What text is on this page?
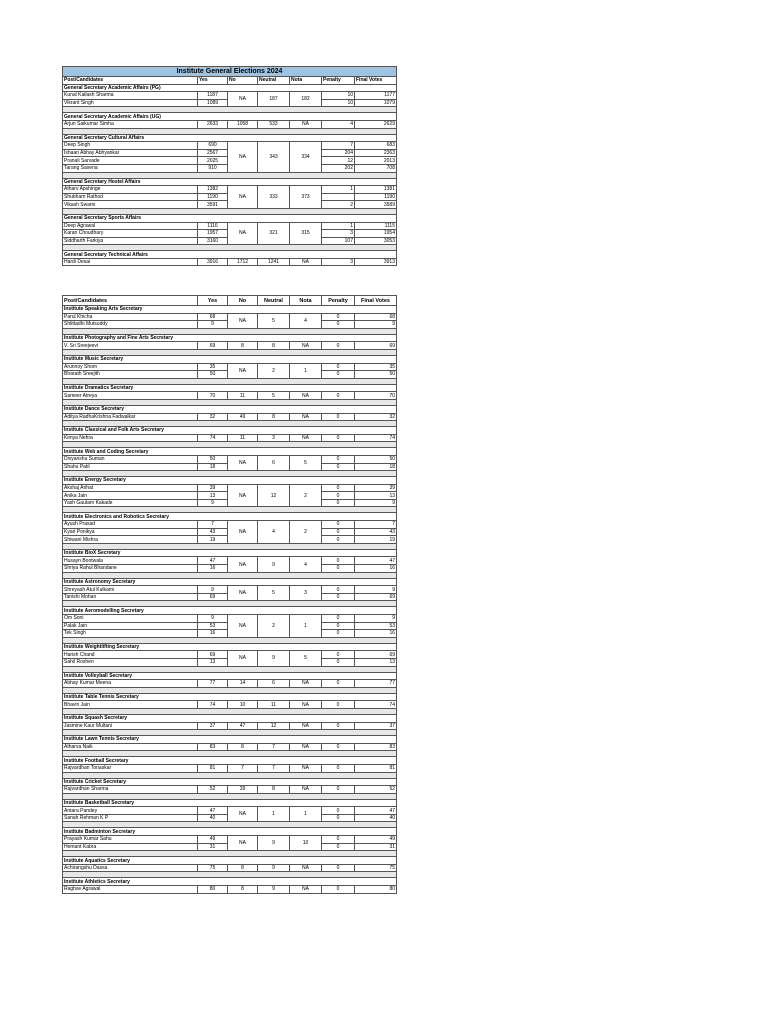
Institute General Elections 2024						
Post/Candidates	Yes	No	Neutral	Nota	Penalty	Final Votes
General Secretary Academic Affairs (PG)						
Kunal Kailash Sharma	1187	NA	187	182	10	1177
Vikrant Singh	1089				10	1079

General Secretary Academic Affairs (UG)						
Arjun Saikumar Simha	2633	1058	533	NA	4	2629

General Secretary Cultural Affairs						
Deep Singh	690	NA	343	334	7	683
Ishaan Abhay Abhyankar	2567				204	2363
Pranali Sarvade	2025				12	2013
Tarang Saxena	910				202	708

General Secretary Hostel Affairs						
Atharv Apshinge	1382	NA	333	373	1	1381
Shubham Rathod	1190					1190
Vikash Swami	3591				2	3589

General Secretary Sports Affairs						
Deep Agrawal	1116	NA	321	315	1	1115
Karan Choudhary	1957				3	1954
Siddharth Farkiya	3160				107	3053

General Secretary Technical Affairs						
Hardi Desai	3916	1712	1241	NA	3	3913
Post/Candidates	Yes	No	Neutral	Nota	Penalty	Final Votes
Institute Speaking Arts Secretary						
Parul Khicha	68	NA	5	4	0	68
Shlittadhi Mutsuddy	9				0	9

Institute Photography and Fine Arts Secretary						
V. Sri Sreejeevi	69	8	8	NA	0	69

Institute Music Secretary						
Arunnoy Shom	35	NA	2	1	0	35
Bharath Sreejith	50				0	50

Institute Dramatics Secretary						
Sameer Atreya	70	11	5	NA	0	70

Institute Dance Secretary						
Aditya RadhaKrishna Fadwalkar	32	49	8	NA	0	32

Institute Classical and Folk Arts Secretary						
Kimya Nehra	74	11	3	NA	0	74

Institute Web and Coding Secretary						
Divyanshu Suman	50	NA	6	5	0	50
Shahu Patil	18				0	18

Institute Energy Secretary						
Akshaj Arihat	39	NA	12	2	0	39
Anika Jain	13				0	13
Yash Gautam Kakade	9				0	9

Institute Electronics and Robotics Secretary						
Ayush Prasad	7	NA	4	2	0	7
Kyari Ponikya	43				0	43
Shiwani Mishra	19				0	19

Institute BioX Secretary						
Husayn Bootwala	47	NA	9	4	0	47
Shriya Rahul Bhandane	16				0	16

Institute Astronomy Secretary						
Shreyash Atul Kulkarni	9	NA	5	3	0	9
Tanishi Mohan	69				0	69

Institute Aeromodelling Secretary						
Om Soni	9	NA	2	1	0	9
Palak Jain	53				0	53
Tek Singh	16				0	16

Institute Weightlifting Secretary						
Harish Chand	69	NA	9	5	0	69
Sahil Roshen	13				0	13

Institute Volleyball Secretary						
Abhay Kumar Meena	77	14	6	NA	0	77

Institute Table Tennis Secretary						
Bhavin Jain	74	10	11	NA	0	74

Institute Squash Secretary						
Jasmine Kaur Multani	37	47	12	NA	0	37

Institute Lawn Tennis Secretary						
Atharva Naik	83	8	7	NA	0	83

Institute Football Secretary						
Rajvardhan Tonaskar	81	7	7	NA	0	81

Institute Cricket Secretary						
Rajvardhan Sharma	52	39	8	NA	0	52

Institute Basketball Secretary						
Antara Pandey	47	NA	1	1	0	47
Sanah Rehman K P	40				0	40

Institute Badminton Secretary						
Prayash Kumar Sahu	49	NA	9	10	0	49
Hemant Kabra	31				0	31

Institute Aquatics Secretary						
Achirangshu Dassa	75	8	9	NA	0	75

Institute Athletics Secretary						
Raghav Agrawal	80	8	9	NA	0	80
